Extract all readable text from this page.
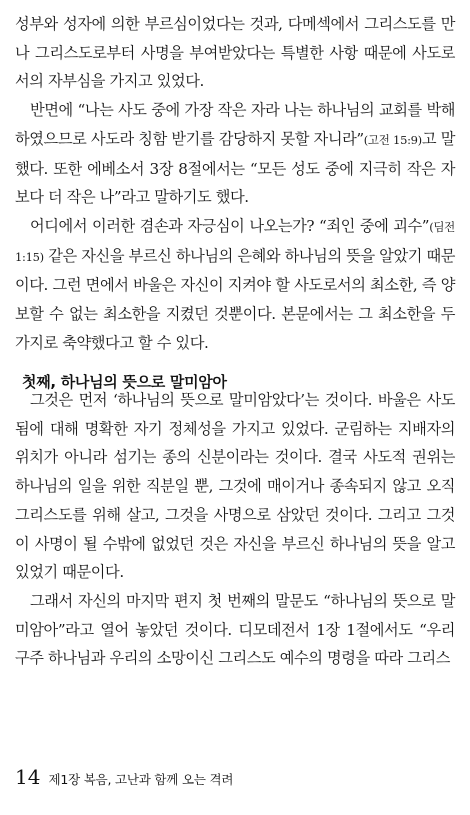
성부와 성자에 의한 부르심이었다는 것과, 다메섹에서 그리스도를 만나 그리스도로부터 사명을 부여받았다는 특별한 사항 때문에 사도로서의 자부심을 가지고 있었다.

반면에 “나는 사도 중에 가장 작은 자라 나는 하나님의 교회를 박해하였으므로 사도라 칭함 받기를 감당하지 못할 자니라”(고전 15:9)고 말했다. 또한 에베소서 3장 8절에서는 “모든 성도 중에 지극히 작은 자보다 더 작은 나”라고 말하기도 했다.

어디에서 이러한 겸손과 자긍심이 나오는가? “죄인 중에 괴수”(딤전 1:15) 같은 자신을 부르신 하나님의 은혜와 하나님의 뜻을 알았기 때문이다. 그런 면에서 바울은 자신이 지켜야 할 사도로서의 최소한, 즉 양보할 수 없는 최소한을 지켰던 것뿐이다. 본문에서는 그 최소한을 두 가지로 축약했다고 할 수 있다.

첫째, 하나님의 뜻으로 말미암아

그것은 먼저 ‘하나님의 뜻으로 말미암았다’는 것이다. 바울은 사도됨에 대해 명확한 자기 정체성을 가지고 있었다. 군림하는 지배자의 위치가 아니라 섬기는 종의 신분이라는 것이다. 결국 사도적 권위는 하나님의 일을 위한 직분일 뿐, 그것에 매이거나 종속되지 않고 오직 그리스도를 위해 살고, 그것을 사명으로 삼았던 것이다. 그리고 그것이 사명이 될 수밖에 없었던 것은 자신을 부르신 하나님의 뜻을 알고 있었기 때문이다.

그래서 자신의 마지막 편지 첫 번째의 말문도 “하나님의 뜻으로 말미암아”라고 열어 놓았던 것이다. 디모데전서 1장 1절에서도 “우리 구주 하나님과 우리의 소망이신 그리스도 예수의 명령을 따라 그리스

14 제1장 복음, 고난과 함께 오는 격려
